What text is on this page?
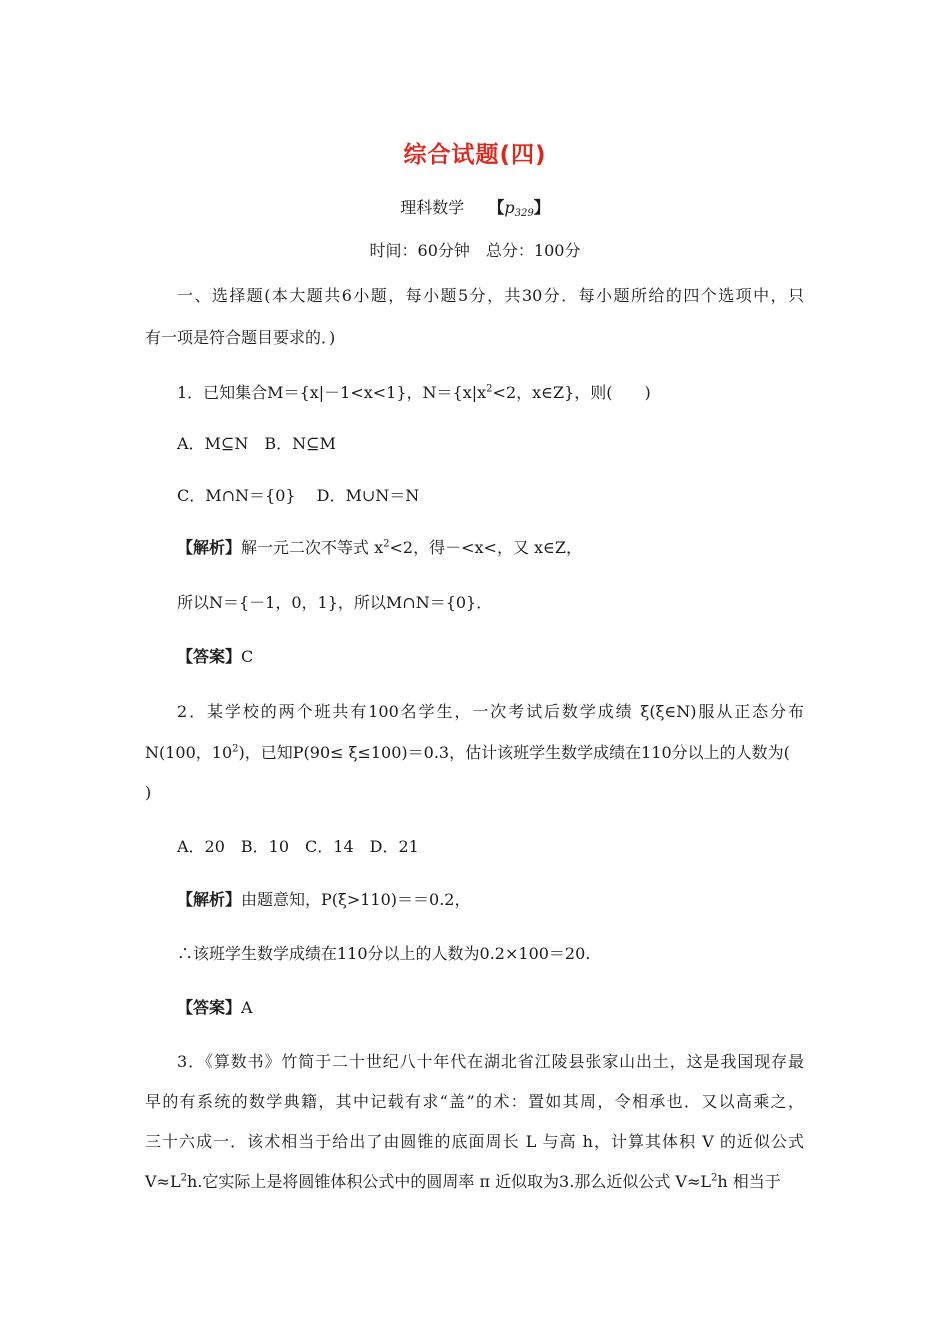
综合试题(四)
理科数学　　 【$p_{329}$】
时间：60分钟　总分：100分
一、选择题(本大题共6小题，每小题5分，共30分．每小题所给的四个选项中，只
有一项是符合题目要求的．)
1．已知集合M＝{x|－1<x<1}，$N=\{x|x^2<2$，x∈Z}，则(　　)
A．M⊆N　B．N⊆M
C．M∩N＝{0}　 D．M∪N＝N
【解析】解一元二次不等式 $x^2<2$，得－<x<，又 x∈Z，
所以N＝{－1，0，1}，所以M∩N＝{0}．
【答案】C
2．某学校的两个班共有100名学生，一次考试后数学成绩 ξ(ξ∈N)服从正态分布
N(100，$10^2$)，已知P(90≤ ξ≤100)＝0.3，估计该班学生数学成绩在110分以上的人数为(
)
A．20　B．10　C．14　D．21
【解析】由题意知，P(ξ>110)＝＝0.2，
∴该班学生数学成绩在110分以上的人数为0.2×100＝20.
【答案】A
3．《算数书》竹简于二十世纪八十年代在湖北省江陵县张家山出土，这是我国现存最
早的有系统的数学典籍，其中记载有求“盖”的术：置如其周，令相承也．又以高乘之，
三十六成一．该术相当于给出了由圆锥的底面周长 L 与高 h，计算其体积 V 的近似公式
$V\approx L^2h$.它实际上是将圆锥体积公式中的圆周率 π 近似取为3.那么近似公式 $V\approx L^2h$ 相当于
